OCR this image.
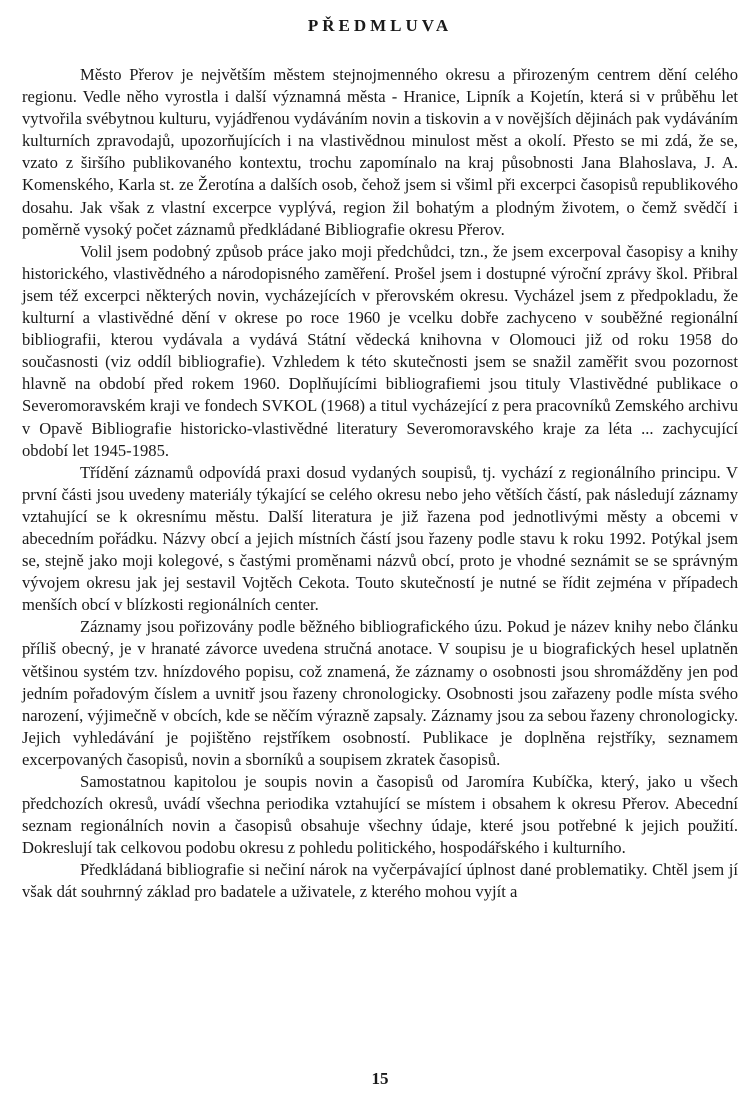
PŘEDMLUVA

Město Přerov je největším městem stejnojmenného okresu a přirozeným centrem dění celého regionu. Vedle něho vyrostla i další významná města - Hranice, Lipník a Kojetín, která si v průběhu let vytvořila svébytnou kulturu, vyjádřenou vydáváním novin a tiskovin a v novějších dějinách pak vydáváním kulturních zpravodajů, upozorňujících i na vlastivědnou minulost měst a okolí. Přesto se mi zdá, že se, vzato z širšího publikovaného kontextu, trochu zapomínalo na kraj působnosti Jana Blahoslava, J. A. Komenského, Karla st. ze Žerotína a dalších osob, čehož jsem si všiml při excerpci časopisů republikového dosahu. Jak však z vlastní excerpce vyplývá, region žil bohatým a plodným životem, o čemž svědčí i poměrně vysoký počet záznamů předkládané Bibliografie okresu Přerov.

Volil jsem podobný způsob práce jako moji předchůdci, tzn., že jsem excerpoval časopisy a knihy historického, vlastivědného a národopisného zaměření. Prošel jsem i dostupné výroční zprávy škol. Přibral jsem též excerpci některých novin, vycházejících v přerovském okresu. Vycházel jsem z předpokladu, že kulturní a vlastivědné dění v okrese po roce 1960 je vcelku dobře zachyceno v souběžné regionální bibliografii, kterou vydávala a vydává Státní vědecká knihovna v Olomouci již od roku 1958 do současnosti (viz oddíl bibliografie). Vzhledem k této skutečnosti jsem se snažil zaměřit svou pozornost hlavně na období před rokem 1960. Doplňujícími bibliografiemi jsou tituly Vlastivědné publikace o Severomoravském kraji ve fondech SVKOL (1968) a titul vycházející z pera pracovníků Zemského archivu v Opavě Bibliografie historicko-vlastivědné literatury Severomoravského kraje za léta ... zachycující období let 1945-1985.

Třídění záznamů odpovídá praxi dosud vydaných soupisů, tj. vychází z regionálního principu. V první části jsou uvedeny materiály týkající se celého okresu nebo jeho větších částí, pak následují záznamy vztahující se k okresnímu městu. Další literatura je již řazena pod jednotlivými městy a obcemi v abecedním pořádku. Názvy obcí a jejich místních částí jsou řazeny podle stavu k roku 1992. Potýkal jsem se, stejně jako moji kolegové, s častými proměnami názvů obcí, proto je vhodné seznámit se se správným vývojem okresu jak jej sestavil Vojtěch Cekota. Touto skutečností je nutné se řídit zejména v případech menších obcí v blízkosti regionálních center.

Záznamy jsou pořizovány podle běžného bibliografického úzu. Pokud je název knihy nebo článku příliš obecný, je v hranaté závorce uvedena stručná anotace. V soupisu je u biografických hesel uplatněn většinou systém tzv. hnízdového popisu, což znamená, že záznamy o osobnosti jsou shromážděny jen pod jedním pořadovým číslem a uvnitř jsou řazeny chronologicky. Osobnosti jsou zařazeny podle místa svého narození, výjimečně v obcích, kde se něčím výrazně zapsaly. Záznamy jsou za sebou řazeny chronologicky. Jejich vyhledávání je pojištěno rejstříkem osobností. Publikace je doplněna rejstříky, seznamem excerpovaných časopisů, novin a sborníků a soupisem zkratek časopisů.

Samostatnou kapitolou je soupis novin a časopisů od Jaromíra Kubíčka, který, jako u všech předchozích okresů, uvádí všechna periodika vztahující se místem i obsahem k okresu Přerov. Abecední seznam regionálních novin a časopisů obsahuje všechny údaje, které jsou potřebné k jejich použití. Dokreslují tak celkovou podobu okresu z pohledu politického, hospodářského i kulturního.

Předkládaná bibliografie si nečiní nárok na vyčerpávající úplnost dané problematiky. Chtěl jsem jí však dát souhrnný základ pro badatele a uživatele, z kterého mohou vyjít a

15
